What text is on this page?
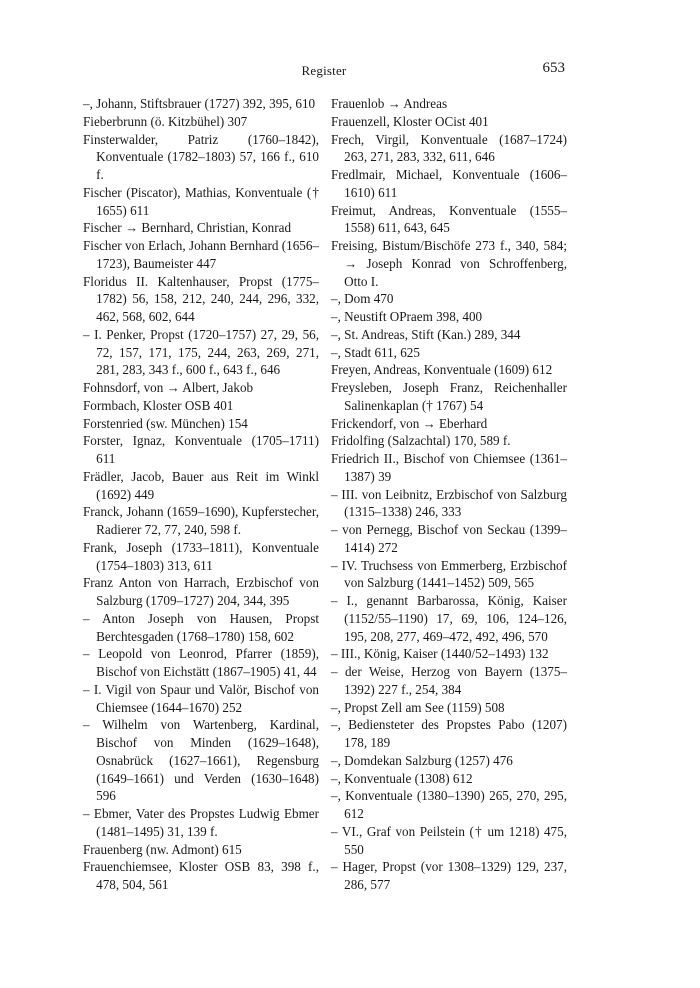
Register	653

–, Johann, Stiftsbrauer (1727) 392, 395, 610

Fieberbrunn (ö. Kitzbühel) 307

Finsterwalder, Patriz (1760–1842), Konventuale (1782–1803) 57, 166 f., 610 f.

Fischer (Piscator), Mathias, Konventuale († 1655) 611

Fischer → Bernhard, Christian, Konrad

Fischer von Erlach, Johann Bernhard (1656–1723), Baumeister 447

Floridus II. Kaltenhauser, Propst (1775–1782) 56, 158, 212, 240, 244, 296, 332, 462, 568, 602, 644

– I. Penker, Propst (1720–1757) 27, 29, 56, 72, 157, 171, 175, 244, 263, 269, 271, 281, 283, 343 f., 600 f., 643 f., 646

Fohnsdorf, von → Albert, Jakob

Formbach, Kloster OSB 401

Forstenried (sw. München) 154

Forster, Ignaz, Konventuale (1705–1711) 611

Frädler, Jacob, Bauer aus Reit im Winkl (1692) 449

Franck, Johann (1659–1690), Kupferstecher, Radierer 72, 77, 240, 598 f.

Frank, Joseph (1733–1811), Konventuale (1754–1803) 313, 611

Franz Anton von Harrach, Erzbischof von Salzburg (1709–1727) 204, 344, 395

– Anton Joseph von Hausen, Propst Berchtesgaden (1768–1780) 158, 602

– Leopold von Leonrod, Pfarrer (1859), Bischof von Eichstätt (1867–1905) 41, 44

– I. Vigil von Spaur und Valör, Bischof von Chiemsee (1644–1670) 252

– Wilhelm von Wartenberg, Kardinal, Bischof von Minden (1629–1648), Osnabrück (1627–1661), Regensburg (1649–1661) und Verden (1630–1648) 596

– Ebmer, Vater des Propstes Ludwig Ebmer (1481–1495) 31, 139 f.

Frauenberg (nw. Admont) 615

Frauenchiemsee, Kloster OSB 83, 398 f., 478, 504, 561

Frauenlob → Andreas

Frauenzell, Kloster OCist 401

Frech, Virgil, Konventuale (1687–1724) 263, 271, 283, 332, 611, 646

Fredlmair, Michael, Konventuale (1606–1610) 611

Freimut, Andreas, Konventuale (1555–1558) 611, 643, 645

Freising, Bistum/Bischöfe 273 f., 340, 584; → Joseph Konrad von Schroffenberg, Otto I.

–, Dom 470

–, Neustift OPraem 398, 400

–, St. Andreas, Stift (Kan.) 289, 344

–, Stadt 611, 625

Freyen, Andreas, Konventuale (1609) 612

Freysleben, Joseph Franz, Reichenhaller Salinenkaplan († 1767) 54

Frickendorf, von → Eberhard

Fridolfing (Salzachtal) 170, 589 f.

Friedrich II., Bischof von Chiemsee (1361–1387) 39

– III. von Leibnitz, Erzbischof von Salzburg (1315–1338) 246, 333

– von Pernegg, Bischof von Seckau (1399–1414) 272

– IV. Truchsess von Emmerberg, Erzbischof von Salzburg (1441–1452) 509, 565

– I., genannt Barbarossa, König, Kaiser (1152/55–1190) 17, 69, 106, 124–126, 195, 208, 277, 469–472, 492, 496, 570

– III., König, Kaiser (1440/52–1493) 132

– der Weise, Herzog von Bayern (1375–1392) 227 f., 254, 384

–, Propst Zell am See (1159) 508

–, Bediensteter des Propstes Pabo (1207) 178, 189

–, Domdekan Salzburg (1257) 476

–, Konventuale (1308) 612

–, Konventuale (1380–1390) 265, 270, 295, 612

– VI., Graf von Peilstein († um 1218) 475, 550

– Hager, Propst (vor 1308–1329) 129, 237, 286, 577
